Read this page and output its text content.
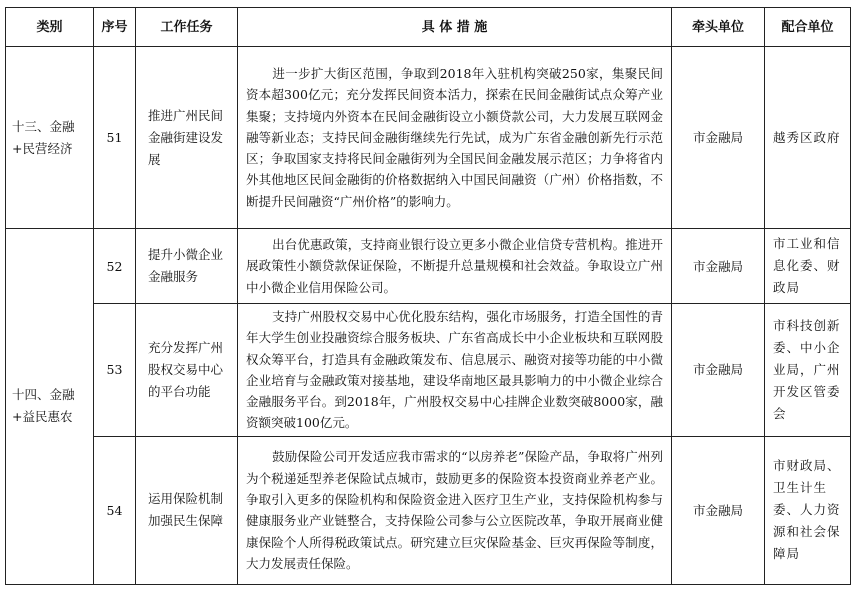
类别	序号	工作任务	具 体 措 施	牵头单位	配合单位
十三、金融+民营经济	51	推进广州民间金融街建设发展	进一步扩大街区范围，争取到2018年入驻机构突破250家，集聚民间资本超300亿元；充分发挥民间资本活力，探索在民间金融街试点众筹产业集聚；支持境内外资本在民间金融街设立小额贷款公司，大力发展互联网金融等新业态；支持民间金融街继续先行先试，成为广东省金融创新先行示范区；争取国家支持将民间金融街列为全国民间金融发展示范区；力争将省内外其他地区民间金融街的价格数据纳入中国民间融资（广州）价格指数，不断提升民间融资“广州价格”的影响力。	市金融局	越秀区政府
十四、金融+益民惠农	52	提升小微企业金融服务	出台优惠政策，支持商业银行设立更多小微企业信贷专营机构。推进开展政策性小额贷款保证保险，不断提升总量规模和社会效益。争取设立广州中小微企业信用保险公司。	市金融局	市工业和信息化委、财政局
	53	充分发挥广州股权交易中心的平台功能	支持广州股权交易中心优化股东结构，强化市场服务，打造全国性的青年大学生创业投融资综合服务板块、广东省高成长中小企业板块和互联网股权众筹平台，打造具有金融政策发布、信息展示、融资对接等功能的中小微企业培育与金融政策对接基地，建设华南地区最具影响力的中小微企业综合金融服务平台。到2018年，广州股权交易中心挂牌企业数突破8000家，融资额突破100亿元。	市金融局	市科技创新委、中小企业局，广州开发区管委会
	54	运用保险机制加强民生保障	鼓励保险公司开发适应我市需求的“以房养老”保险产品，争取将广州列为个税递延型养老保险试点城市，鼓励更多的保险资本投资商业养老产业。争取引入更多的保险机构和保险资金进入医疗卫生产业，支持保险机构参与健康服务业产业链整合，支持保险公司参与公立医院改革，争取开展商业健康保险个人所得税政策试点。研究建立巨灾保险基金、巨灾再保险等制度，大力发展责任保险。	市金融局	市财政局、卫生计生委、人力资源和社会保障局
